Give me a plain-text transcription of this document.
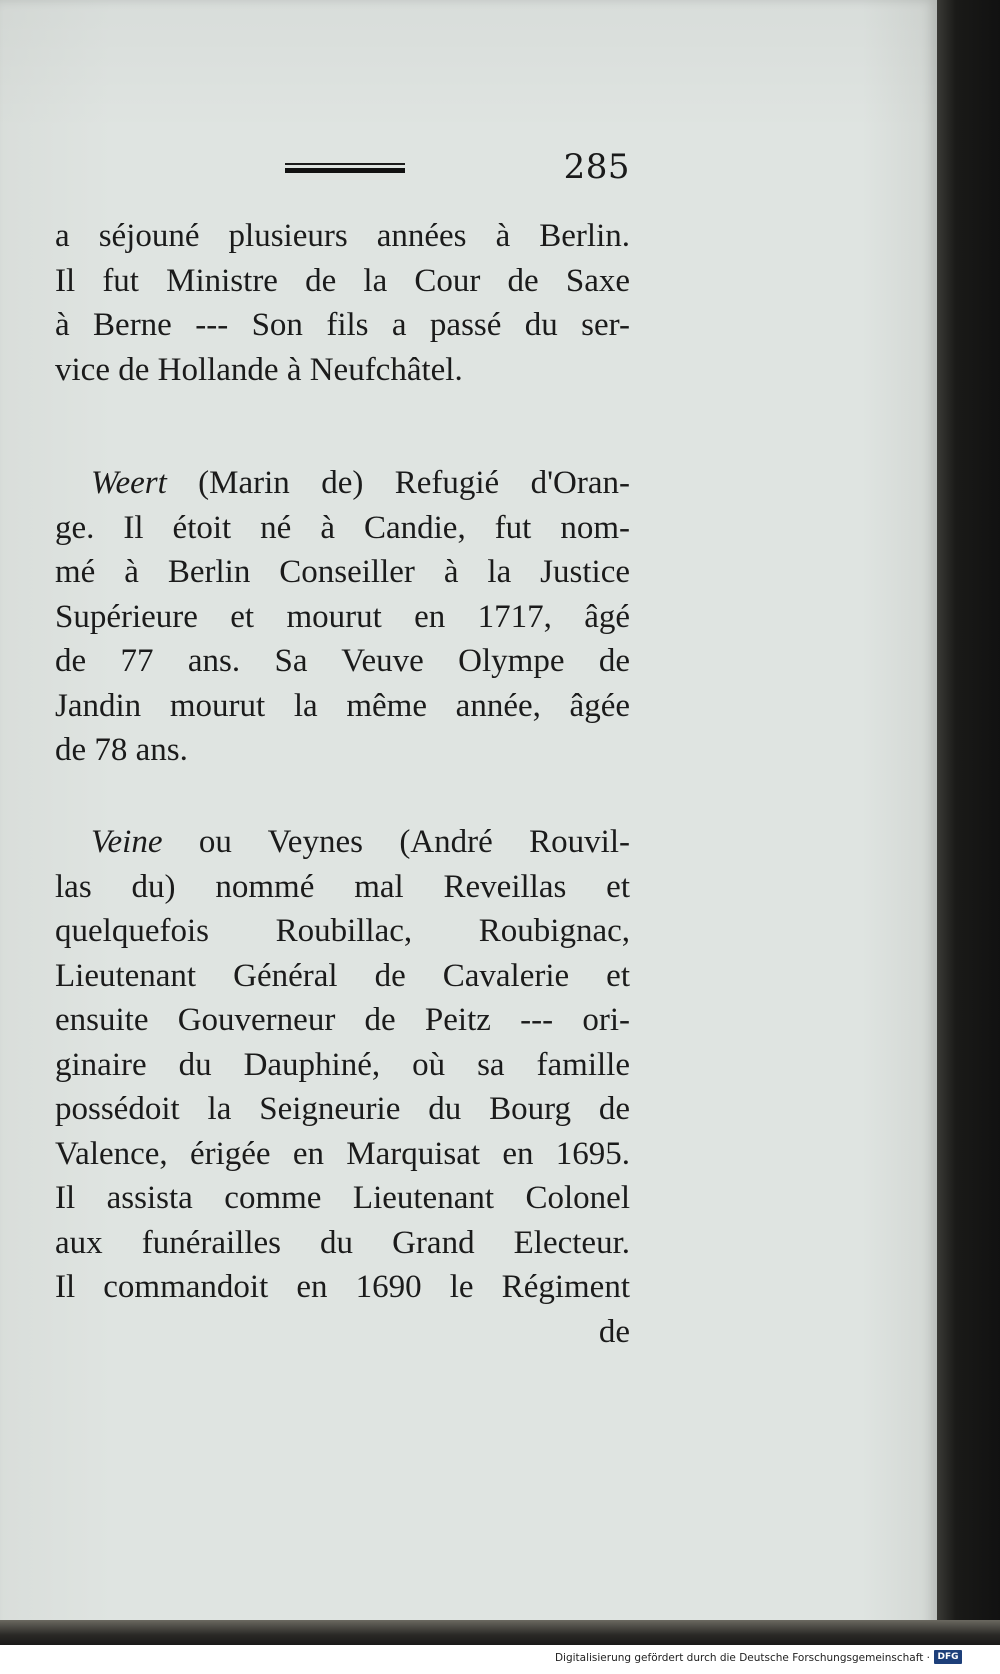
285
a séjouné plusieurs années à Berlin.
Il fut Ministre de la Cour de Saxe
à Berne --- Son fils a passé du ser-
vice de Hollande à Neufchâtel.
Weert (Marin de) Refugié d'Oran-
ge. Il étoit né à Candie, fut nom-
mé à Berlin Conseiller à la Justice
Supérieure et mourut en 1717, âgé
de 77 ans. Sa Veuve Olympe de
Jandin mourut la même année, âgée
de 78 ans.
Veine ou Veynes (André Rouvil-
las du) nommé mal Reveillas et
quelquefois Roubillac, Roubignac,
Lieutenant Général de Cavalerie et
ensuite Gouverneur de Peitz --- ori-
ginaire du Dauphiné, où sa famille
possédoit la Seigneurie du Bourg de
Valence, érigée en Marquisat en 1695.
Il assista comme Lieutenant Colonel
aux funérailles du Grand Electeur.
Il commandoit en 1690 le Régiment
de
Digitalisierung gefördert durch die Deutsche Forschungsgemeinschaft · DFG
